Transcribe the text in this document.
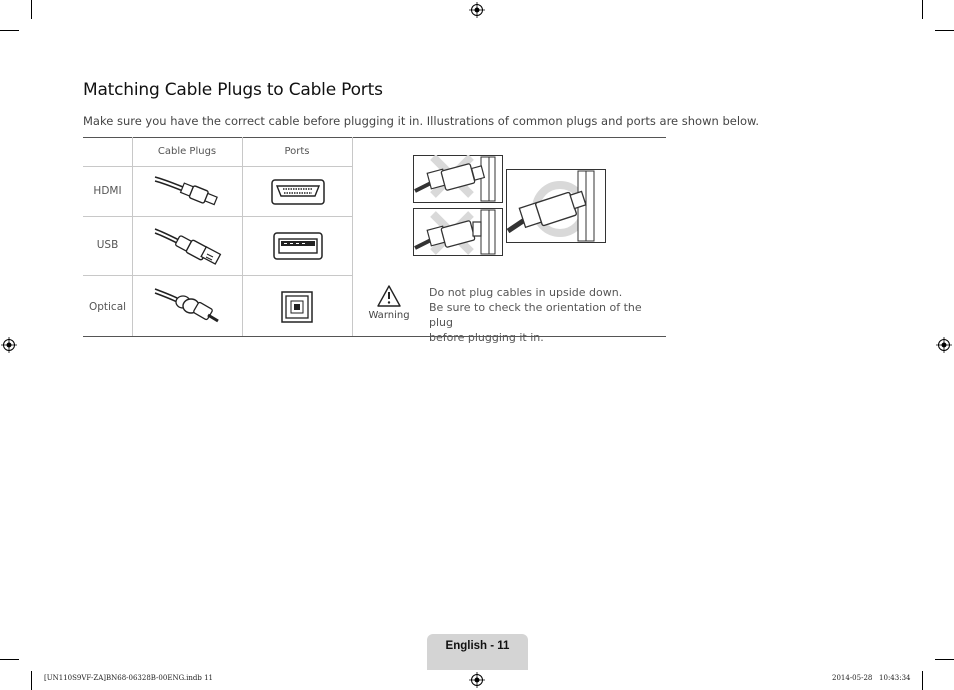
Matching Cable Plugs to Cable Ports

Make sure you have the correct cable before plugging it in. Illustrations of common plugs and ports are shown below.

Cable Plugs	Ports
HDMI
USB
Optical
Warning
Do not plug cables in upside down.
Be sure to check the orientation of the plug
before plugging it in.
English - 11
[UN110S9VF-ZA]BN68-06328B-00ENG.indb 11	2014-05-28   10:43:34
